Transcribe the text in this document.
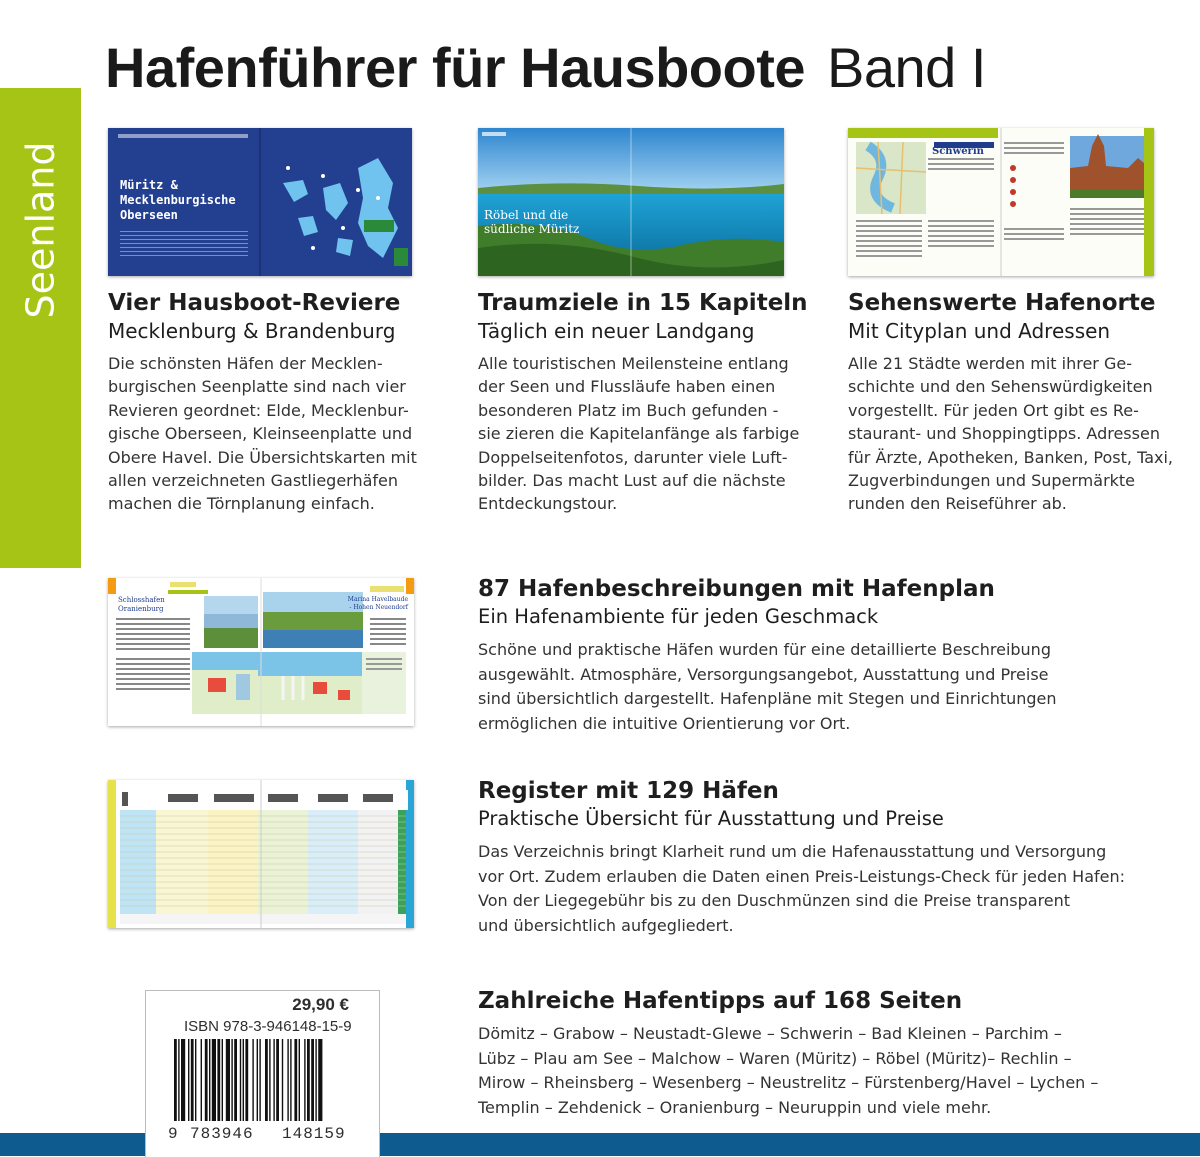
Hafenführer für Hausboote Band I
Seenland	Müritz & Mecklenburgische Oberseen	Röbel und die südliche Müritz
Schwerin
Vier Hausboot-Reviere
Mecklenburg & Brandenburg
Die schönsten Häfen der Mecklen-
burgischen Seenplatte sind nach vier
Revieren geordnet: Elde, Mecklenbur-
gische Oberseen, Kleinseenplatte und
Obere Havel. Die Übersichtskarten mit
allen verzeichneten Gastliegerhäfen
machen die Törnplanung einfach.
Traumziele in 15 Kapiteln
Täglich ein neuer Landgang
Alle touristischen Meilensteine entlang
der Seen und Flussläufe haben einen
besonderen Platz im Buch gefunden -
sie zieren die Kapitelanfänge als farbige
Doppelseitenfotos, darunter viele Luft-
bilder. Das macht Lust auf die nächste
Entdeckungstour.
Sehenswerte Hafenorte
Mit Cityplan und Adressen
Alle 21 Städte werden mit ihrer Ge-
schichte und den Sehenswürdigkeiten
vorgestellt. Für jeden Ort gibt es Re-
staurant- und Shoppingtipps. Adressen
für Ärzte, Apotheken, Banken, Post, Taxi,
Zugverbindungen und Supermärkte
runden den Reiseführer ab.
Schlosshafen Oranienburg
Marina Havelbaude - Hohen Neuendorf
87 Hafenbeschreibungen mit Hafenplan
Ein Hafenambiente für jeden Geschmack
Schöne und praktische Häfen wurden für eine detaillierte Beschreibung
ausgewählt. Atmosphäre, Versorgungsangebot, Ausstattung und Preise
sind übersichtlich dargestellt. Hafenpläne mit Stegen und Einrichtungen
ermöglichen die intuitive Orientierung vor Ort.
Register mit 129 Häfen
Praktische Übersicht für Ausstattung und Preise
Das Verzeichnis bringt Klarheit rund um die Hafenausstattung und Versorgung
vor Ort. Zudem erlauben die Daten einen Preis-Leistungs-Check für jeden Hafen:
Von der Liegegebühr bis zu den Duschmünzen sind die Preise transparent
und übersichtlich aufgegliedert.
Zahlreiche Hafentipps auf 168 Seiten
Dömitz – Grabow – Neustadt-Glewe – Schwerin – Bad Kleinen – Parchim –
Lübz – Plau am See – Malchow – Waren (Müritz) – Röbel (Müritz)– Rechlin –
Mirow – Rheinsberg – Wesenberg – Neustrelitz – Fürstenberg/Havel – Lychen –
Templin – Zehdenick – Oranienburg – Neuruppin und viele mehr.
29,90 €
ISBN 978-3-946148-15-9
9 783946 148159
